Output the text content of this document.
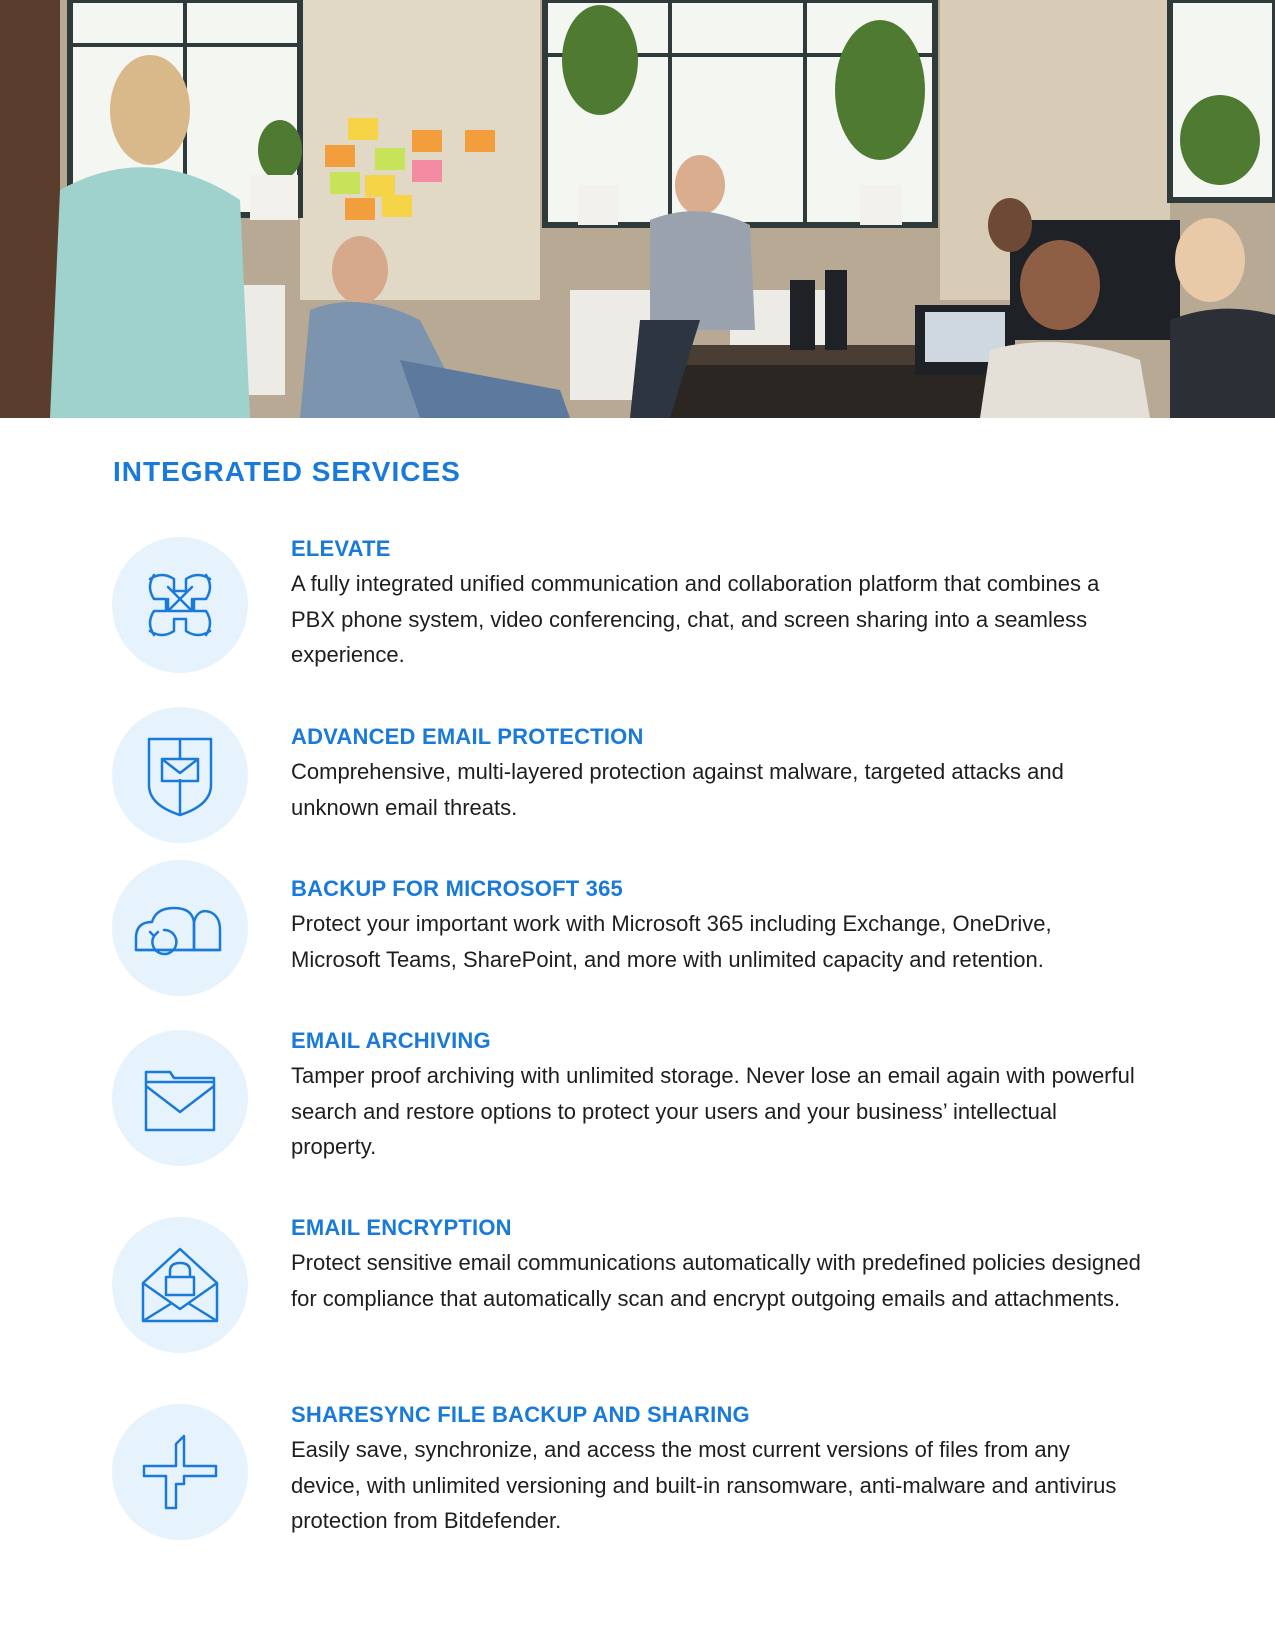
INTEGRATED SERVICES
ELEVATE

A fully integrated unified communication and collaboration platform that combines a PBX phone system, video conferencing, chat, and screen sharing into a seamless experience.

ADVANCED EMAIL PROTECTION

Comprehensive, multi-layered protection against malware, targeted attacks and unknown email threats.

BACKUP FOR MICROSOFT 365

Protect your important work with Microsoft 365 including Exchange, OneDrive, Microsoft Teams, SharePoint, and more with unlimited capacity and retention.

EMAIL ARCHIVING

Tamper proof archiving with unlimited storage. Never lose an email again with powerful search and restore options to protect your users and your business’ intellectual property.

EMAIL ENCRYPTION

Protect sensitive email communications automatically with predefined policies designed for compliance that automatically scan and encrypt outgoing emails and attachments.

SHARESYNC FILE BACKUP AND SHARING

Easily save, synchronize, and access the most current versions of files from any device, with unlimited versioning and built-in ransomware, anti-malware and antivirus protection from Bitdefender.
